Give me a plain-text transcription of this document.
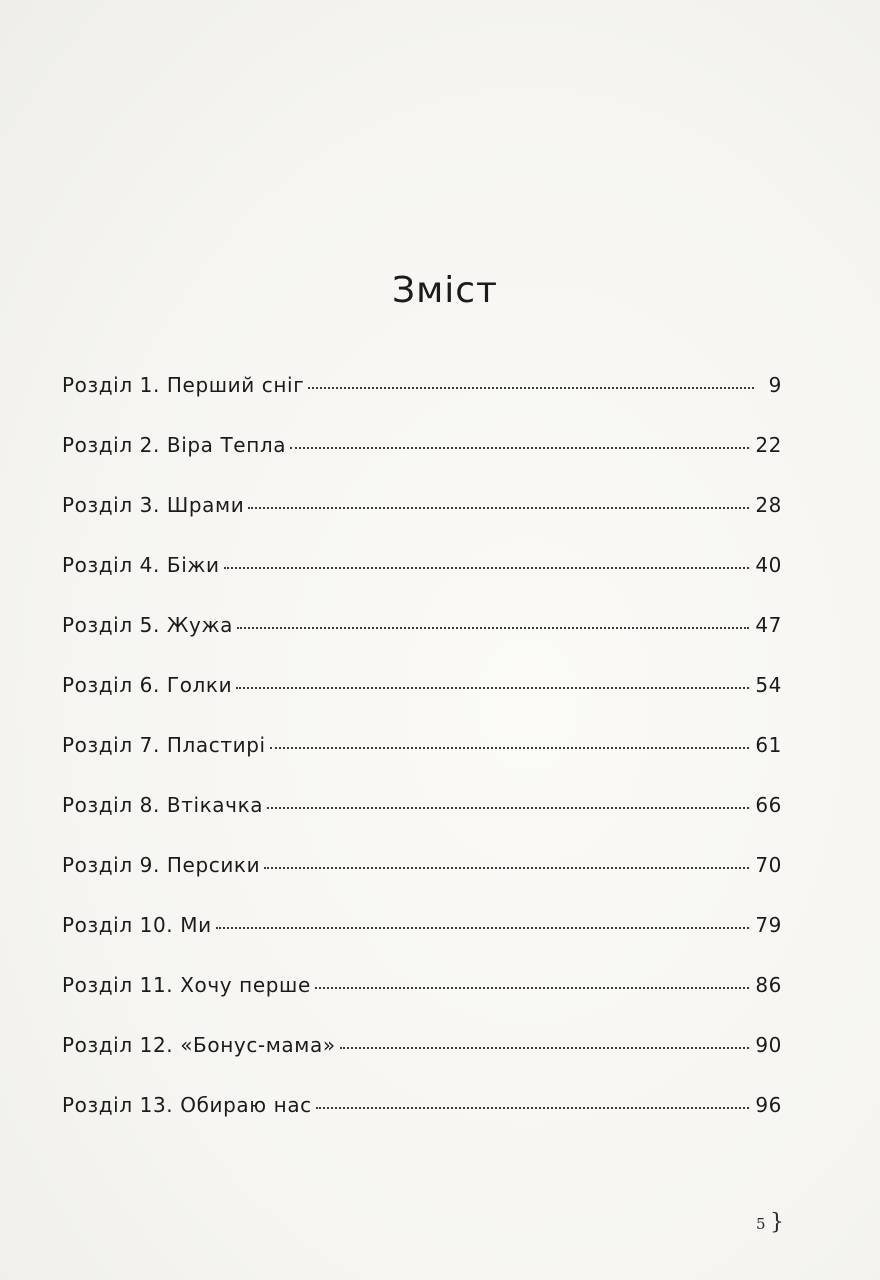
Зміст
Розділ 1. Перший сніг	9
Розділ 2. Віра Тепла	22
Розділ 3. Шрами	28
Розділ 4. Біжи	40
Розділ 5. Жужа	47
Розділ 6. Голки	54
Розділ 7. Пластирі	61
Розділ 8. Втікачка	66
Розділ 9. Персики	70
Розділ 10. Ми	79
Розділ 11. Хочу перше	86
Розділ 12. «Бонус-мама»	90
Розділ 13. Обираю нас	96
5 }
